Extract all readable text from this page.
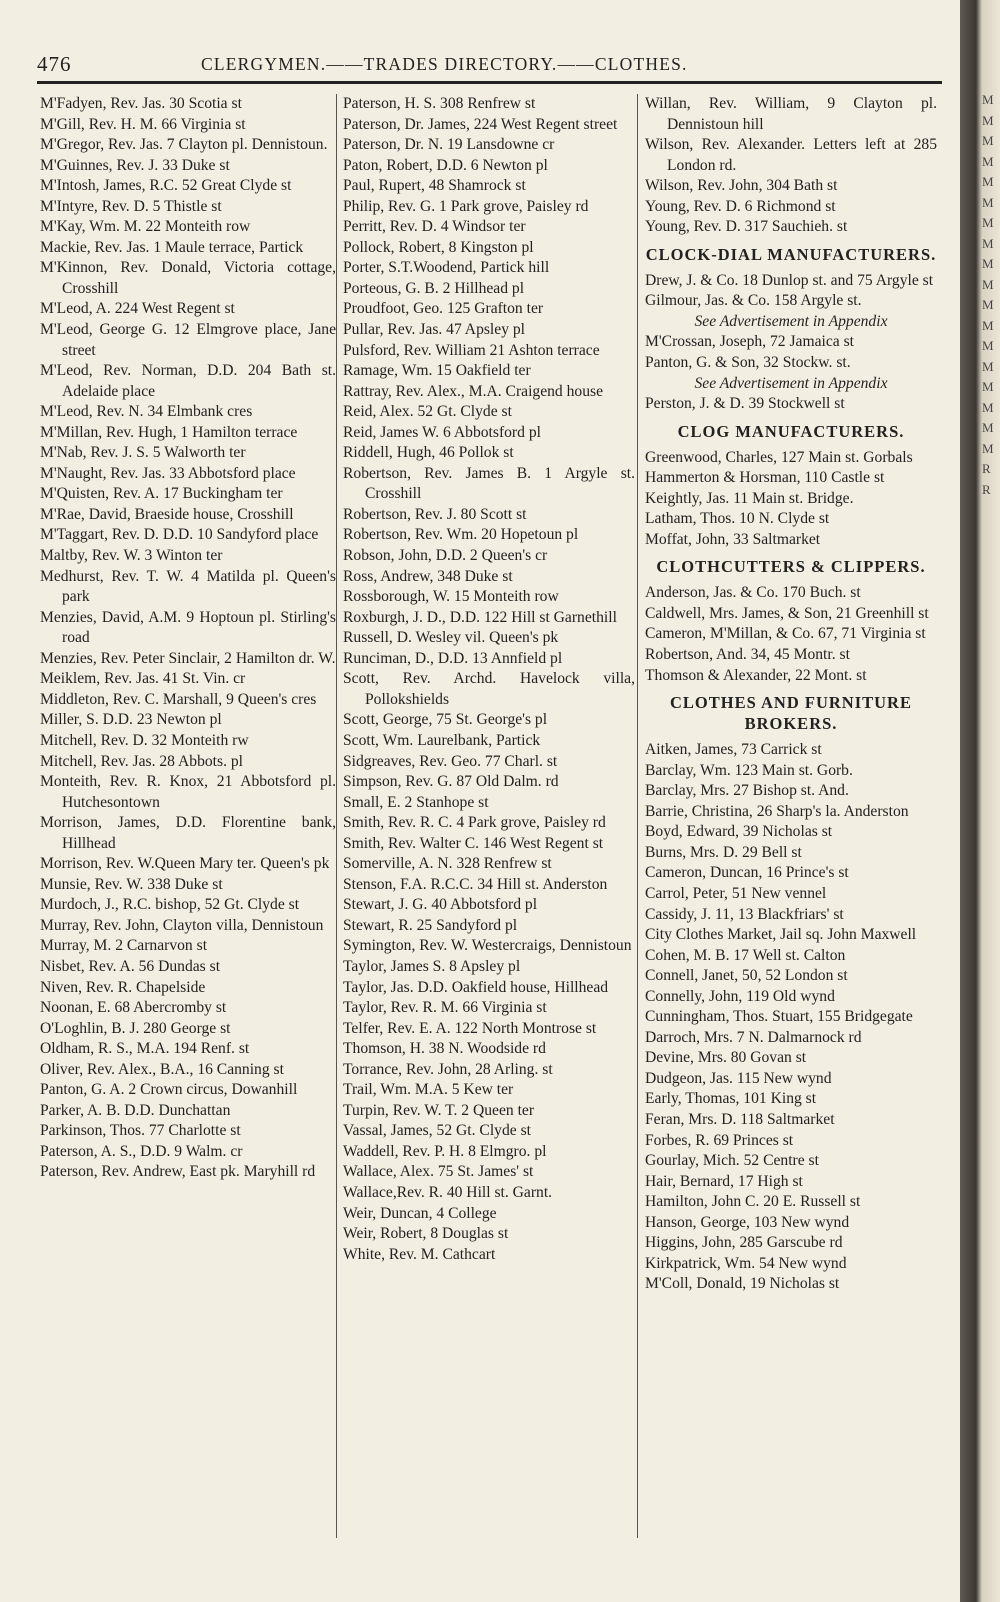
476	CLERGYMEN.——TRADES DIRECTORY.——CLOTHES.
M'Fadyen, Rev. Jas. 30 Scotia st
M'Gill, Rev. H. M. 66 Virginia st
M'Gregor, Rev. Jas. 7 Clayton pl. Dennistoun.
M'Guinnes, Rev. J. 33 Duke st
M'Intosh, James, R.C. 52 Great Clyde st
M'Intyre, Rev. D. 5 Thistle st
M'Kay, Wm. M. 22 Monteith row
Mackie, Rev. Jas. 1 Maule terrace, Partick
M'Kinnon, Rev. Donald, Victoria cottage, Crosshill
M'Leod, A. 224 West Regent st
M'Leod, George G. 12 Elmgrove place, Jane street
M'Leod, Rev. Norman, D.D. 204 Bath st. Adelaide place
M'Leod, Rev. N. 34 Elmbank cres
M'Millan, Rev. Hugh, 1 Hamilton terrace
M'Nab, Rev. J. S. 5 Walworth ter
M'Naught, Rev. Jas. 33 Abbotsford place
M'Quisten, Rev. A. 17 Buckingham ter
M'Rae, David, Braeside house, Crosshill
M'Taggart, Rev. D. D.D. 10 Sandyford place
Maltby, Rev. W. 3 Winton ter
Medhurst, Rev. T. W. 4 Matilda pl. Queen's park
Menzies, David, A.M. 9 Hoptoun pl. Stirling's road
Menzies, Rev. Peter Sinclair, 2 Hamilton dr. W.
Meiklem, Rev. Jas. 41 St. Vin. cr
Middleton, Rev. C. Marshall, 9 Queen's cres
Miller, S. D.D. 23 Newton pl
Mitchell, Rev. D. 32 Monteith rw
Mitchell, Rev. Jas. 28 Abbots. pl
Monteith, Rev. R. Knox, 21 Abbotsford pl. Hutchesontown
Morrison, James, D.D. Florentine bank, Hillhead
Morrison, Rev. W.Queen Mary ter. Queen's pk
Munsie, Rev. W. 338 Duke st
Murdoch, J., R.C. bishop, 52 Gt. Clyde st
Murray, Rev. John, Clayton villa, Dennistoun
Murray, M. 2 Carnarvon st
Nisbet, Rev. A. 56 Dundas st
Niven, Rev. R. Chapelside
Noonan, E. 68 Abercromby st
O'Loghlin, B. J. 280 George st
Oldham, R. S., M.A. 194 Renf. st
Oliver, Rev. Alex., B.A., 16 Canning st
Panton, G. A. 2 Crown circus, Dowanhill
Parker, A. B. D.D. Dunchattan
Parkinson, Thos. 77 Charlotte st
Paterson, A. S., D.D. 9 Walm. cr
Paterson, Rev. Andrew, East pk. Maryhill rd
Paterson, H. S. 308 Renfrew st
Paterson, Dr. James, 224 West Regent street
Paterson, Dr. N. 19 Lansdowne cr
Paton, Robert, D.D. 6 Newton pl
Paul, Rupert, 48 Shamrock st
Philip, Rev. G. 1 Park grove, Paisley rd
Perritt, Rev. D. 4 Windsor ter
Pollock, Robert, 8 Kingston pl
Porter, S.T.Woodend, Partick hill
Porteous, G. B. 2 Hillhead pl
Proudfoot, Geo. 125 Grafton ter
Pullar, Rev. Jas. 47 Apsley pl
Pulsford, Rev. William 21 Ashton terrace
Ramage, Wm. 15 Oakfield ter
Rattray, Rev. Alex., M.A. Craigend house
Reid, Alex. 52 Gt. Clyde st
Reid, James W. 6 Abbotsford pl
Riddell, Hugh, 46 Pollok st
Robertson, Rev. James B. 1 Argyle st. Crosshill
Robertson, Rev. J. 80 Scott st
Robertson, Rev. Wm. 20 Hopetoun pl
Robson, John, D.D. 2 Queen's cr
Ross, Andrew, 348 Duke st
Rossborough, W. 15 Monteith row
Roxburgh, J. D., D.D. 122 Hill st Garnethill
Russell, D. Wesley vil. Queen's pk
Runciman, D., D.D. 13 Annfield pl
Scott, Rev. Archd. Havelock villa, Pollokshields
Scott, George, 75 St. George's pl
Scott, Wm. Laurelbank, Partick
Sidgreaves, Rev. Geo. 77 Charl. st
Simpson, Rev. G. 87 Old Dalm. rd
Small, E. 2 Stanhope st
Smith, Rev. R. C. 4 Park grove, Paisley rd
Smith, Rev. Walter C. 146 West Regent st
Somerville, A. N. 328 Renfrew st
Stenson, F.A. R.C.C. 34 Hill st. Anderston
Stewart, J. G. 40 Abbotsford pl
Stewart, R. 25 Sandyford pl
Symington, Rev. W. Westercraigs, Dennistoun
Taylor, James S. 8 Apsley pl
Taylor, Jas. D.D. Oakfield house, Hillhead
Taylor, Rev. R. M. 66 Virginia st
Telfer, Rev. E. A. 122 North Montrose st
Thomson, H. 38 N. Woodside rd
Torrance, Rev. John, 28 Arling. st
Trail, Wm. M.A. 5 Kew ter
Turpin, Rev. W. T. 2 Queen ter
Vassal, James, 52 Gt. Clyde st
Waddell, Rev. P. H. 8 Elmgro. pl
Wallace, Alex. 75 St. James' st
Wallace,Rev. R. 40 Hill st. Garnt.
Weir, Duncan, 4 College
Weir, Robert, 8 Douglas st
White, Rev. M. Cathcart
Willan, Rev. William, 9 Clayton pl. Dennistoun hill
Wilson, Rev. Alexander. Letters left at 285 London rd.
Wilson, Rev. John, 304 Bath st
Young, Rev. D. 6 Richmond st
Young, Rev. D. 317 Sauchieh. st
CLOCK-DIAL MANUFACTURERS.
Drew, J. & Co. 18 Dunlop st. and 75 Argyle st
Gilmour, Jas. & Co. 158 Argyle st.
See Advertisement in Appendix
M'Crossan, Joseph, 72 Jamaica st
Panton, G. & Son, 32 Stockw. st.
See Advertisement in Appendix
Perston, J. & D. 39 Stockwell st
CLOG MANUFACTURERS.
Greenwood, Charles, 127 Main st. Gorbals
Hammerton & Horsman, 110 Castle st
Keightly, Jas. 11 Main st. Bridge.
Latham, Thos. 10 N. Clyde st
Moffat, John, 33 Saltmarket
CLOTHCUTTERS & CLIPPERS.
Anderson, Jas. & Co. 170 Buch. st
Caldwell, Mrs. James, & Son, 21 Greenhill st
Cameron, M'Millan, & Co. 67, 71 Virginia st
Robertson, And. 34, 45 Montr. st
Thomson & Alexander, 22 Mont. st
CLOTHES AND FURNITURE BROKERS.
Aitken, James, 73 Carrick st
Barclay, Wm. 123 Main st. Gorb.
Barclay, Mrs. 27 Bishop st. And.
Barrie, Christina, 26 Sharp's la. Anderston
Boyd, Edward, 39 Nicholas st
Burns, Mrs. D. 29 Bell st
Cameron, Duncan, 16 Prince's st
Carrol, Peter, 51 New vennel
Cassidy, J. 11, 13 Blackfriars' st
City Clothes Market, Jail sq. John Maxwell
Cohen, M. B. 17 Well st. Calton
Connell, Janet, 50, 52 London st
Connelly, John, 119 Old wynd
Cunningham, Thos. Stuart, 155 Bridgegate
Darroch, Mrs. 7 N. Dalmarnock rd
Devine, Mrs. 80 Govan st
Dudgeon, Jas. 115 New wynd
Early, Thomas, 101 King st
Feran, Mrs. D. 118 Saltmarket
Forbes, R. 69 Princes st
Gourlay, Mich. 52 Centre st
Hair, Bernard, 17 High st
Hamilton, John C. 20 E. Russell st
Hanson, George, 103 New wynd
Higgins, John, 285 Garscube rd
Kirkpatrick, Wm. 54 New wynd
M'Coll, Donald, 19 Nicholas st
M
M
M
M
M
M
M
M
M
M
M
M
M
M
M
M
M
M
R
R
